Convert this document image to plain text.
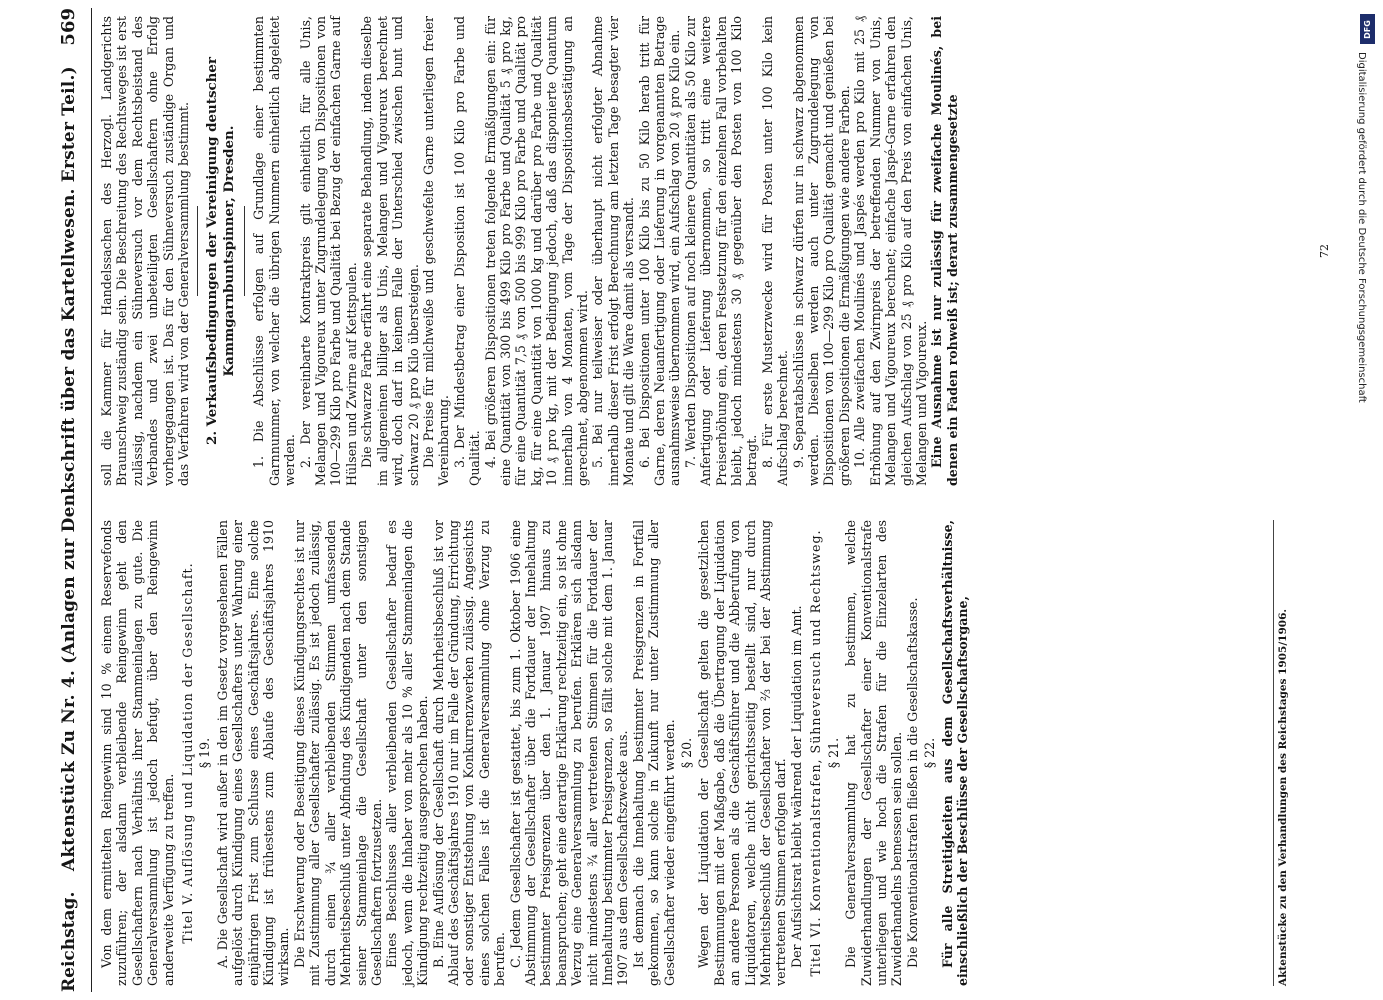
Reichstag.
Aktenstück Zu Nr. 4. (Anlagen zur Denkschrift über das Kartellwesen. Erster Teil.)
569

Von dem ermittelten Reingewinn sind 10 % einem Reservefonds zuzuführen; der alsdann verbleibende Reingewinn geht den Gesellschaftern nach Verhältnis ihrer Stammeinlagen zu gute. Die Generalversammlung ist jedoch befugt, über den Reingewinn anderweite Verfügung zu treffen. Titel V. Auflösung und Liquidation der Gesellschaft. § 19. A. Die Gesellschaft wird außer in den im Gesetz vorgesehenen Fällen aufgelöst durch Kündigung eines Gesellschafters unter Wahrung einer einjährigen Frist zum Schlusse eines Geschäftsjahres. Eine solche Kündigung ist frühestens zum Ablaufe des Geschäftsjahres 1910 wirksam. Die Erschwerung oder Beseitigung dieses Kündigungsrechtes ist nur mit Zustimmung aller Gesellschafter zulässig. Es ist jedoch zulässig, durch einen ¾ aller verbleibenden Stimmen umfassenden Mehrheitsbeschluß unter Abfindung des Kündigenden nach dem Stande seiner Stammeinlage die Gesellschaft unter den sonstigen Gesellschaftern fortzusetzen. Eines Beschlusses aller verbleibenden Gesellschafter bedarf es jedoch, wenn die Inhaber von mehr als 10 % aller Stammeinlagen die Kündigung rechtzeitig ausgesprochen haben. B. Eine Auflösung der Gesellschaft durch Mehrheitsbeschluß ist vor Ablauf des Geschäftsjahres 1910 nur im Falle der Gründung, Errichtung oder sonstiger Entstehung von Konkurrenzwerken zulässig. Angesichts eines solchen Falles ist die Generalversammlung ohne Verzug zu berufen. C. Jedem Gesellschafter ist gestattet, bis zum 1. Oktober 1906 eine Abstimmung der Gesellschafter über die Fortdauer der Innehaltung bestimmter Preisgrenzen über den 1. Januar 1907 hinaus zu beanspruchen; geht eine derartige Erklärung rechtzeitig ein, so ist ohne Verzug eine Generalversammlung zu berufen. Erklären sich alsdann nicht mindestens ¾ aller vertretenen Stimmen für die Fortdauer der Innehaltung bestimmter Preisgrenzen, so fällt solche mit dem 1. Januar 1907 aus dem Gesellschaftszwecke aus. Ist demnach die Innehaltung bestimmter Preisgrenzen in Fortfall gekommen, so kann solche in Zukunft nur unter Zustimmung aller Gesellschafter wieder eingeführt werden. § 20. Wegen der Liquidation der Gesellschaft gelten die gesetzlichen Bestimmungen mit der Maßgabe, daß die Übertragung der Liquidation an andere Personen als die Geschäftsführer und die Abberufung von Liquidatoren, welche nicht gerichtsseitig bestellt sind, nur durch Mehrheitsbeschluß der Gesellschafter von ⅔ der bei der Abstimmung vertretenen Stimmen erfolgen darf. Der Aufsichtsrat bleibt während der Liquidation im Amt. Titel VI. Konventionalstrafen, Sühneversuch und Rechtsweg. § 21. Die Generalversammlung hat zu bestimmen, welche Zuwiderhandlungen der Gesellschafter einer Konventionalstrafe unterliegen und wie hoch die Strafen für die Einzelarten des Zuwiderhandelns bemessen sein sollen. Die Konventionalstrafen fließen in die Gesellschaftskasse. § 22. Für alle Streitigkeiten aus dem Gesellschaftsverhältnisse, einschließlich der Beschlüsse der Gesellschaftsorgane,

soll die Kammer für Handelssachen des Herzogl. Landgerichts Braunschweig zuständig sein. Die Beschreitung des Rechtsweges ist erst zulässig, nachdem ein Sühneversuch vor dem Rechtsbeistand des Verbandes und zwei unbeteiligten Gesellschaftern ohne Erfolg vorhergegangen ist. Das für den Sühneversuch zuständige Organ und das Verfahren wird von der Generalversammlung bestimmt. 2. Verkaufsbedingungen der Vereinigung deutscher Kammgarnbuntspinner, Dresden. 1. Die Abschlüsse erfolgen auf Grundlage einer bestimmten Garnnummer, von welcher die übrigen Nummern einheitlich abgeleitet werden. 2. Der vereinbarte Kontraktpreis gilt einheitlich für alle Unis, Melangen und Vigoureux unter Zugrundelegung von Dispositionen von 100—299 Kilo pro Farbe und Qualität bei Bezug der einfachen Garne auf Hülsen und Zwirne auf Kettspulen. Die schwarze Farbe erfährt eine separate Behandlung, indem dieselbe im allgemeinen billiger als Unis, Melangen und Vigoureux berechnet wird, doch darf in keinem Falle der Unterschied zwischen bunt und schwarz 20 ₰ pro Kilo übersteigen. Die Preise für milchweiße und geschwefelte Garne unterliegen freier Vereinbarung. 3. Der Mindestbetrag einer Disposition ist 100 Kilo pro Farbe und Qualität. 4. Bei größeren Dispositionen treten folgende Ermäßigungen ein: für eine Quantität von 300 bis 499 Kilo pro Farbe und Qualität 5 ₰ pro kg, für eine Quantität 7,5 ₰ von 500 bis 999 Kilo pro Farbe und Qualität pro kg, für eine Quantität von 1000 kg und darüber pro Farbe und Qualität 10 ₰ pro kg, mit der Bedingung jedoch, daß das disponierte Quantum innerhalb von 4 Monaten, vom Tage der Dispositionsbestätigung an gerechnet, abgenommen wird. 5. Bei nur teilweiser oder überhaupt nicht erfolgter Abnahme innerhalb dieser Frist erfolgt Berechnung am letzten Tage besagter vier Monate und gilt die Ware damit als versandt. 6. Bei Dispositionen unter 100 Kilo bis zu 50 Kilo herab tritt für Garne, deren Neuanfertigung oder Lieferung in vorgenannten Betrage ausnahmsweise übernommen wird, ein Aufschlag von 20 ₰ pro Kilo ein. 7. Werden Dispositionen auf noch kleinere Quantitäten als 50 Kilo zur Anfertigung oder Lieferung übernommen, so tritt eine weitere Preiserhöhung ein, deren Festsetzung für den einzelnen Fall vorbehalten bleibt, jedoch mindestens 30 ₰ gegenüber den Posten von 100 Kilo betragt. 8. Für erste Musterzwecke wird für Posten unter 100 Kilo kein Aufschlag berechnet. 9. Separatabschlüsse in schwarz dürfen nur in schwarz abgenommen werden. Dieselben werden auch unter Zugrundelegung von Dispositionen von 100—299 Kilo pro Qualität gemacht und genießen bei größeren Dispositionen die Ermäßigungen wie andere Farben. 10. Alle zweifachen Moulinés und Jaspés werden pro Kilo mit 25 ₰ Erhöhung auf den Zwirnpreis der betreffenden Nummer von Unis, Melangen und Vigoureux berechnet; einfache Jaspé-Garne erfahren den gleichen Aufschlag von 25 ₰ pro Kilo auf den Preis von einfachen Unis, Melangen und Vigoureux. Eine Ausnahme ist nur zulässig für zweifache Moulinés, bei denen ein Faden rohweiß ist; derart zusammengesetzte

Aktenstücke zu den Verhandlungen des Reichstages 1905/1906.
72
DFG
Digitalisierung gefördert durch die Deutsche Forschungsgemeinschaft
